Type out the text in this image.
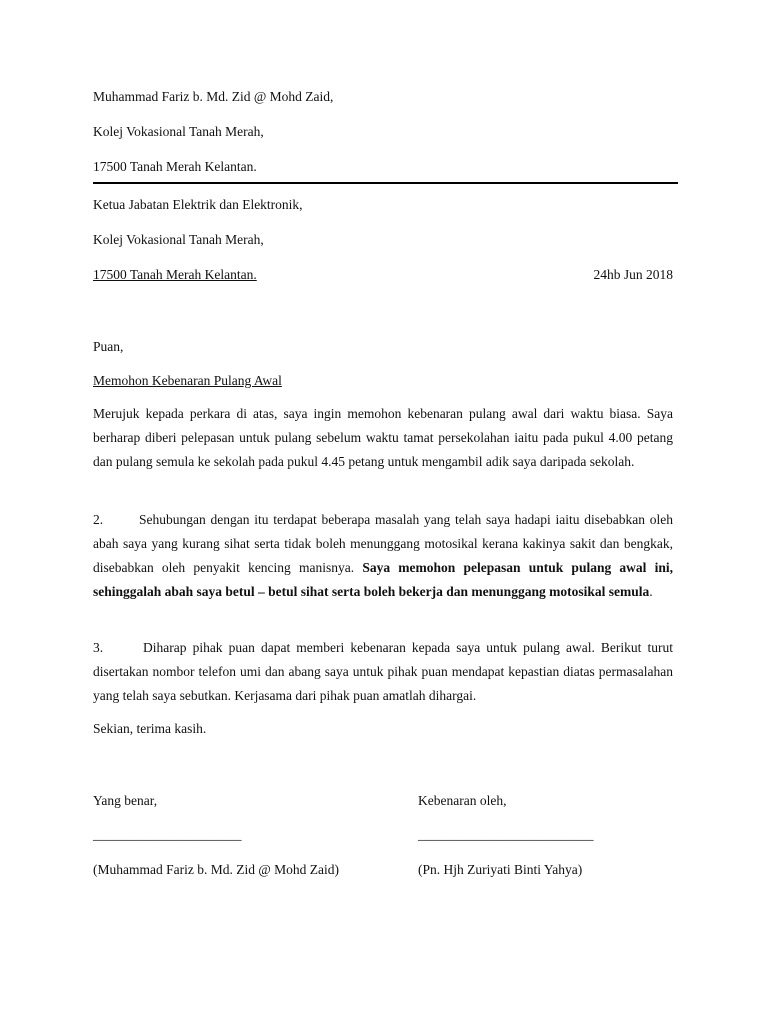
Muhammad Fariz b. Md. Zid @ Mohd Zaid,
Kolej Vokasional Tanah Merah,
17500 Tanah Merah Kelantan.
Ketua Jabatan Elektrik dan Elektronik,
Kolej Vokasional Tanah Merah,
17500 Tanah Merah Kelantan.	24hb Jun 2018
Puan,
Memohon Kebenaran Pulang Awal
Merujuk kepada perkara di atas, saya ingin memohon kebenaran pulang awal dari waktu biasa. Saya berharap diberi pelepasan untuk pulang sebelum waktu tamat persekolahan iaitu pada pukul 4.00 petang dan pulang semula ke sekolah pada pukul 4.45 petang untuk mengambil adik saya daripada sekolah.
2.	Sehubungan dengan itu terdapat beberapa masalah yang telah saya hadapi iaitu disebabkan oleh abah saya yang kurang sihat serta tidak boleh menunggang motosikal kerana kakinya sakit dan bengkak, disebabkan oleh penyakit kencing manisnya. Saya memohon pelepasan untuk pulang awal ini, sehinggalah abah saya betul – betul sihat serta boleh bekerja dan menunggang motosikal semula.
3.	Diharap pihak puan dapat memberi kebenaran kepada saya untuk pulang awal. Berikut turut disertakan nombor telefon umi dan abang saya untuk pihak puan mendapat kepastian diatas permasalahan yang telah saya sebutkan. Kerjasama dari pihak puan amatlah dihargai.
Sekian, terima kasih.
Yang benar,	Kebenaran oleh,
______________________	__________________________
(Muhammad Fariz b. Md. Zid @ Mohd Zaid)	(Pn. Hjh Zuriyati Binti Yahya)
